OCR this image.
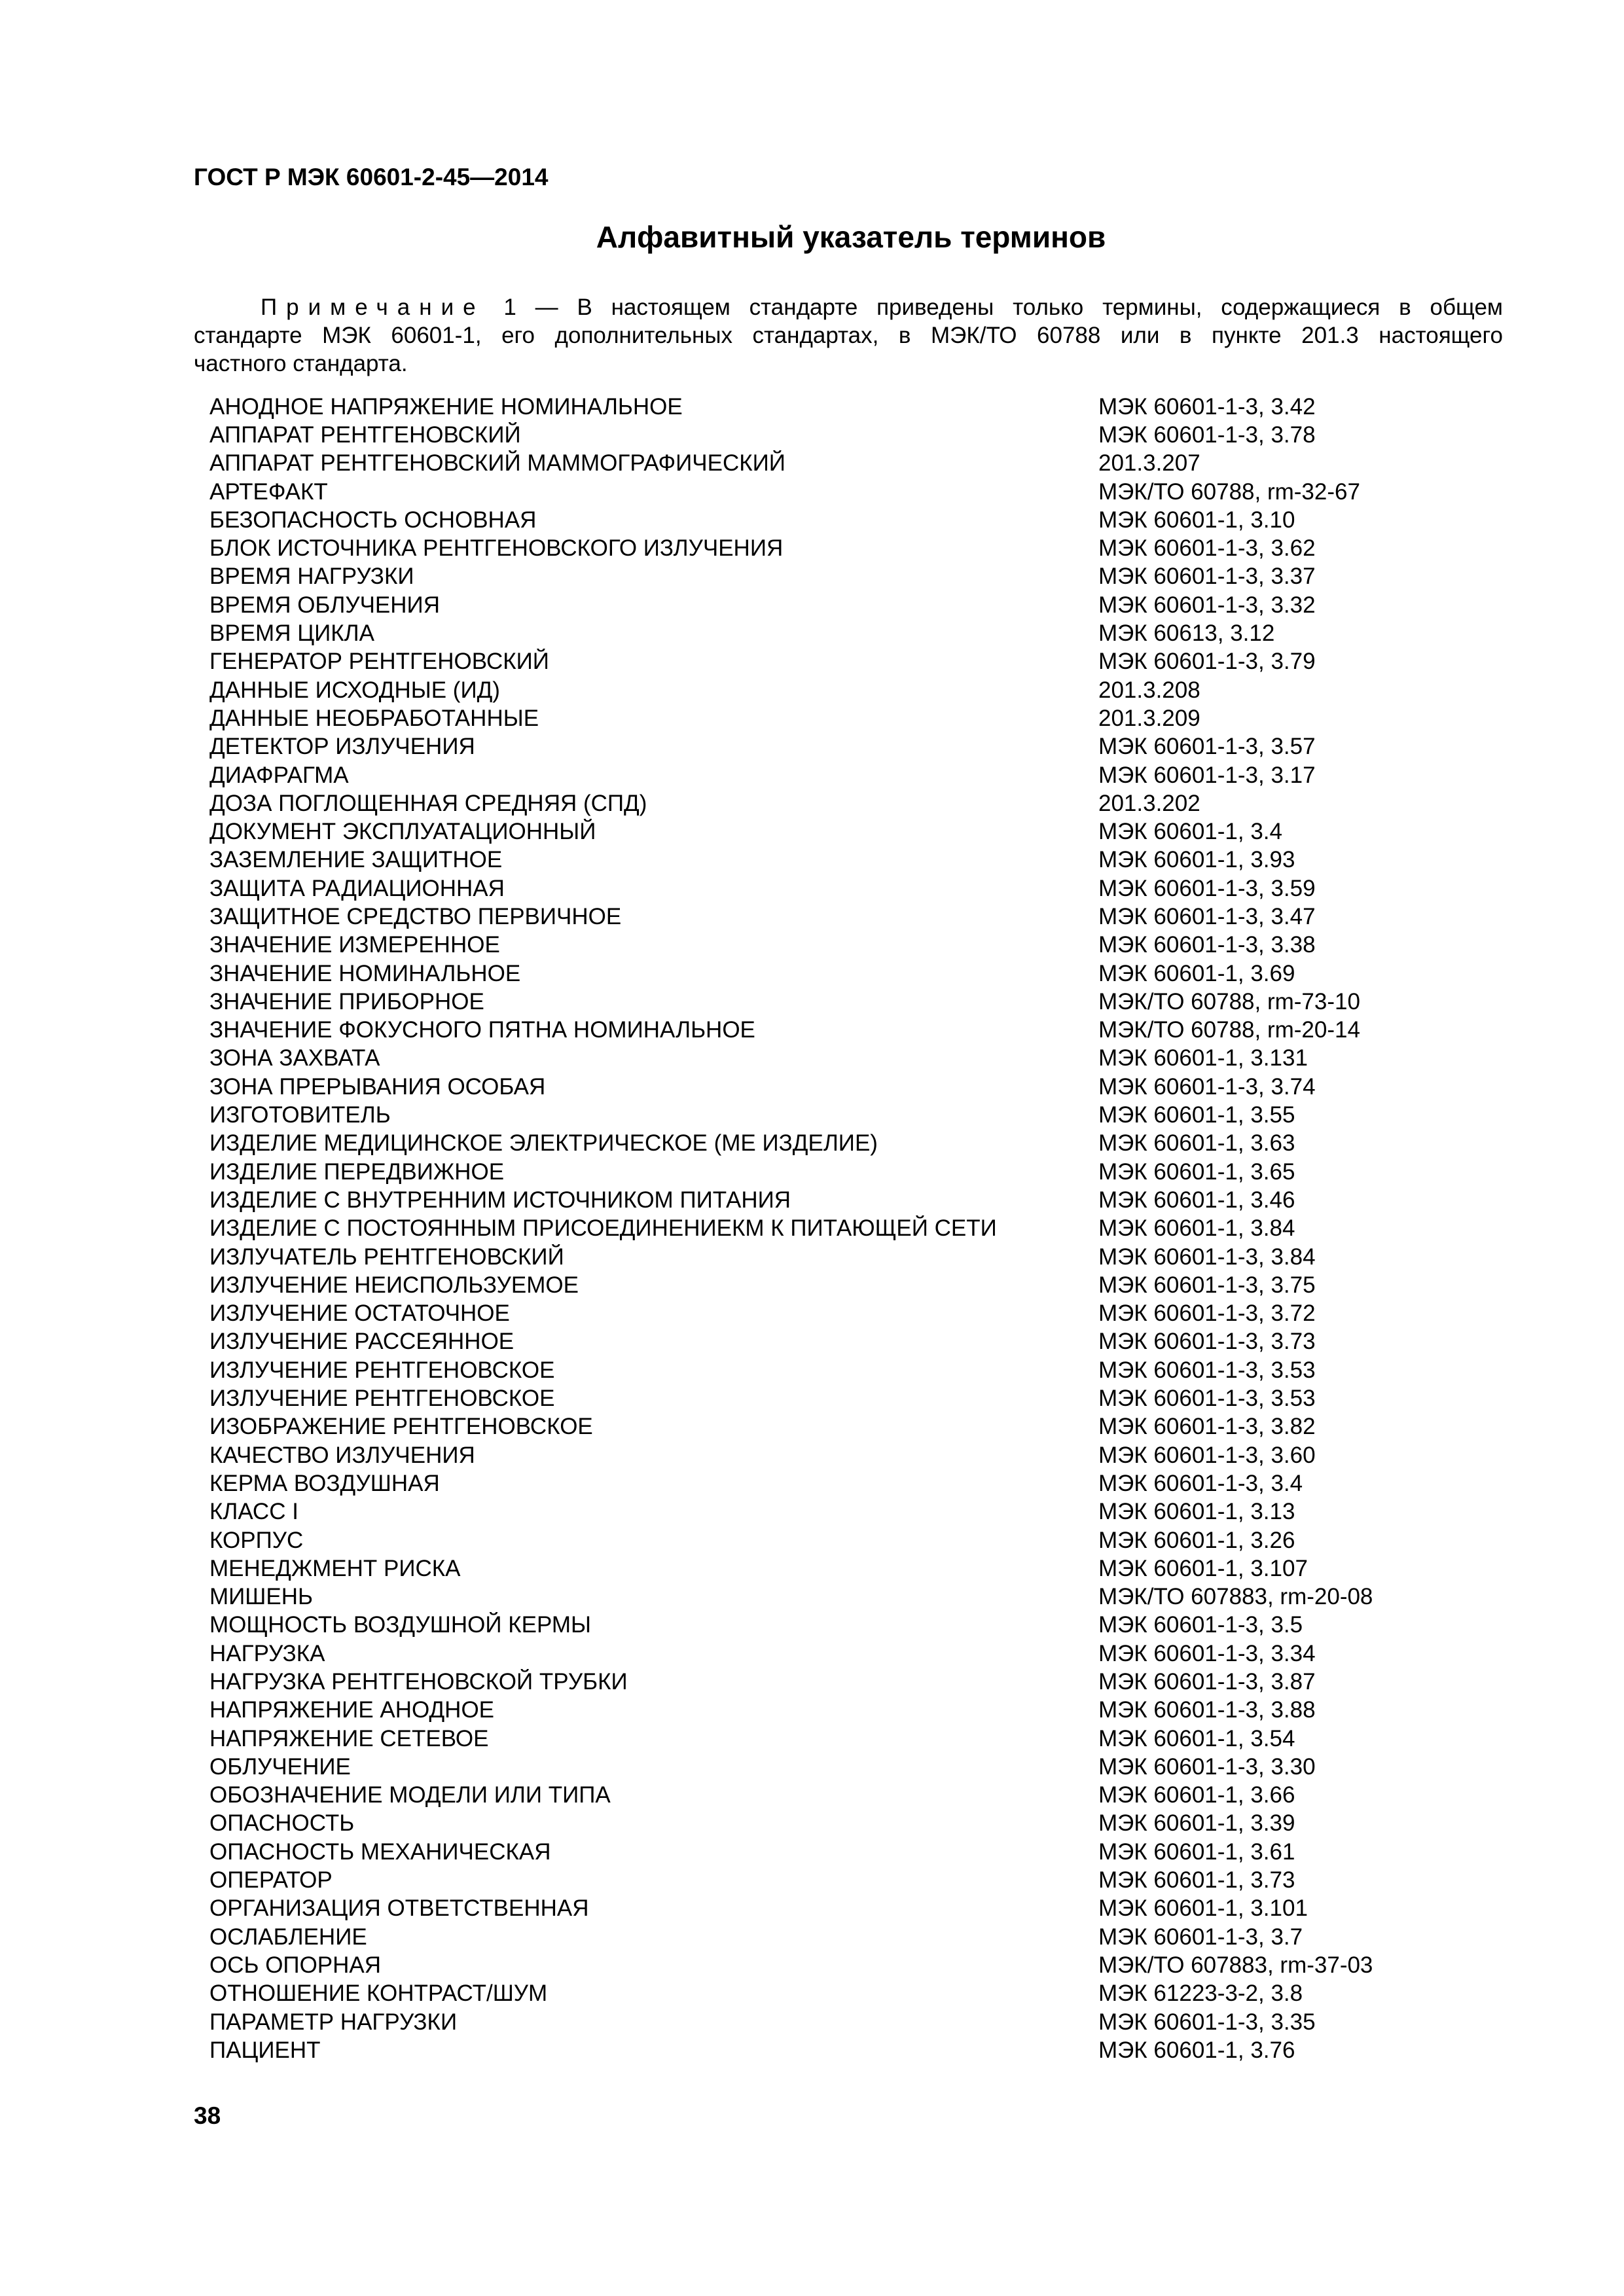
ГОСТ Р МЭК 60601-2-45—2014
Алфавитный указатель терминов

Примечание 1 — В настоящем стандарте приведены только термины, содержащиеся в общем

стандарте МЭК 60601-1, его дополнительных стандартах, в МЭК/ТО 60788 или в пункте 201.3 настоящего

частного стандарта.

АНОДНОЕ НАПРЯЖЕНИЕ НОМИНАЛЬНОЕ	МЭК 60601-1-3, 3.42
АППАРАТ РЕНТГЕНОВСКИЙ	МЭК 60601-1-3, 3.78
АППАРАТ РЕНТГЕНОВСКИЙ МАММОГРАФИЧЕСКИЙ	201.3.207
АРТЕФАКТ	МЭК/ТО 60788, rm-32-67
БЕЗОПАСНОСТЬ ОСНОВНАЯ	МЭК 60601-1, 3.10
БЛОК ИСТОЧНИКА РЕНТГЕНОВСКОГО ИЗЛУЧЕНИЯ	МЭК 60601-1-3, 3.62
ВРЕМЯ НАГРУЗКИ	МЭК 60601-1-3, 3.37
ВРЕМЯ ОБЛУЧЕНИЯ	МЭК 60601-1-3, 3.32
ВРЕМЯ ЦИКЛА	МЭК 60613, 3.12
ГЕНЕРАТОР РЕНТГЕНОВСКИЙ	МЭК 60601-1-3, 3.79
ДАННЫЕ ИСХОДНЫЕ (ИД)	201.3.208
ДАННЫЕ НЕОБРАБОТАННЫЕ	201.3.209
ДЕТЕКТОР ИЗЛУЧЕНИЯ	МЭК 60601-1-3, 3.57
ДИАФРАГМА	МЭК 60601-1-3, 3.17
ДОЗА ПОГЛОЩЕННАЯ СРЕДНЯЯ (СПД)	201.3.202
ДОКУМЕНТ ЭКСПЛУАТАЦИОННЫЙ	МЭК 60601-1, 3.4
ЗАЗЕМЛЕНИЕ ЗАЩИТНОЕ	МЭК 60601-1, 3.93
ЗАЩИТА РАДИАЦИОННАЯ	МЭК 60601-1-3, 3.59
ЗАЩИТНОЕ СРЕДСТВО ПЕРВИЧНОЕ	МЭК 60601-1-3, 3.47
ЗНАЧЕНИЕ ИЗМЕРЕННОЕ	МЭК 60601-1-3, 3.38
ЗНАЧЕНИЕ НОМИНАЛЬНОЕ	МЭК 60601-1, 3.69
ЗНАЧЕНИЕ ПРИБОРНОЕ	МЭК/ТО 60788, rm-73-10
ЗНАЧЕНИЕ ФОКУСНОГО ПЯТНА НОМИНАЛЬНОЕ	МЭК/ТО 60788, rm-20-14
ЗОНА ЗАХВАТА	МЭК 60601-1, 3.131
ЗОНА ПРЕРЫВАНИЯ ОСОБАЯ	МЭК 60601-1-3, 3.74
ИЗГОТОВИТЕЛЬ	МЭК 60601-1, 3.55
ИЗДЕЛИЕ МЕДИЦИНСКОЕ ЭЛЕКТРИЧЕСКОЕ (МЕ ИЗДЕЛИЕ)	МЭК 60601-1, 3.63
ИЗДЕЛИЕ ПЕРЕДВИЖНОЕ	МЭК 60601-1, 3.65
ИЗДЕЛИЕ С ВНУТРЕННИМ ИСТОЧНИКОМ ПИТАНИЯ	МЭК 60601-1, 3.46
ИЗДЕЛИЕ С ПОСТОЯННЫМ ПРИСОЕДИНЕНИЕКМ К ПИТАЮЩЕЙ СЕТИ	МЭК 60601-1, 3.84
ИЗЛУЧАТЕЛЬ РЕНТГЕНОВСКИЙ	МЭК 60601-1-3, 3.84
ИЗЛУЧЕНИЕ НЕИСПОЛЬЗУЕМОЕ	МЭК 60601-1-3, 3.75
ИЗЛУЧЕНИЕ ОСТАТОЧНОЕ	МЭК 60601-1-3, 3.72
ИЗЛУЧЕНИЕ РАССЕЯННОЕ	МЭК 60601-1-3, 3.73
ИЗЛУЧЕНИЕ РЕНТГЕНОВСКОЕ	МЭК 60601-1-3, 3.53
ИЗЛУЧЕНИЕ РЕНТГЕНОВСКОЕ	МЭК 60601-1-3, 3.53
ИЗОБРАЖЕНИЕ РЕНТГЕНОВСКОЕ	МЭК 60601-1-3, 3.82
КАЧЕСТВО ИЗЛУЧЕНИЯ	МЭК 60601-1-3, 3.60
КЕРМА ВОЗДУШНАЯ	МЭК 60601-1-3, 3.4
КЛАСС I	МЭК 60601-1, 3.13
КОРПУС	МЭК 60601-1, 3.26
МЕНЕДЖМЕНТ РИСКА	МЭК 60601-1, 3.107
МИШЕНЬ	МЭК/ТО 607883, rm-20-08
МОЩНОСТЬ ВОЗДУШНОЙ КЕРМЫ	МЭК 60601-1-3, 3.5
НАГРУЗКА	МЭК 60601-1-3, 3.34
НАГРУЗКА РЕНТГЕНОВСКОЙ ТРУБКИ	МЭК 60601-1-3, 3.87
НАПРЯЖЕНИЕ АНОДНОЕ	МЭК 60601-1-3, 3.88
НАПРЯЖЕНИЕ СЕТЕВОЕ	МЭК 60601-1, 3.54
ОБЛУЧЕНИЕ	МЭК 60601-1-3, 3.30
ОБОЗНАЧЕНИЕ МОДЕЛИ ИЛИ ТИПА	МЭК 60601-1, 3.66
ОПАСНОСТЬ	МЭК 60601-1, 3.39
ОПАСНОСТЬ МЕХАНИЧЕСКАЯ	МЭК 60601-1, 3.61
ОПЕРАТОР	МЭК 60601-1, 3.73
ОРГАНИЗАЦИЯ ОТВЕТСТВЕННАЯ	МЭК 60601-1, 3.101
ОСЛАБЛЕНИЕ	МЭК 60601-1-3, 3.7
ОСЬ ОПОРНАЯ	МЭК/ТО 607883, rm-37-03
ОТНОШЕНИЕ КОНТРАСТ/ШУМ	МЭК 61223-3-2, 3.8
ПАРАМЕТР НАГРУЗКИ	МЭК 60601-1-3, 3.35
ПАЦИЕНТ	МЭК 60601-1, 3.76
38
